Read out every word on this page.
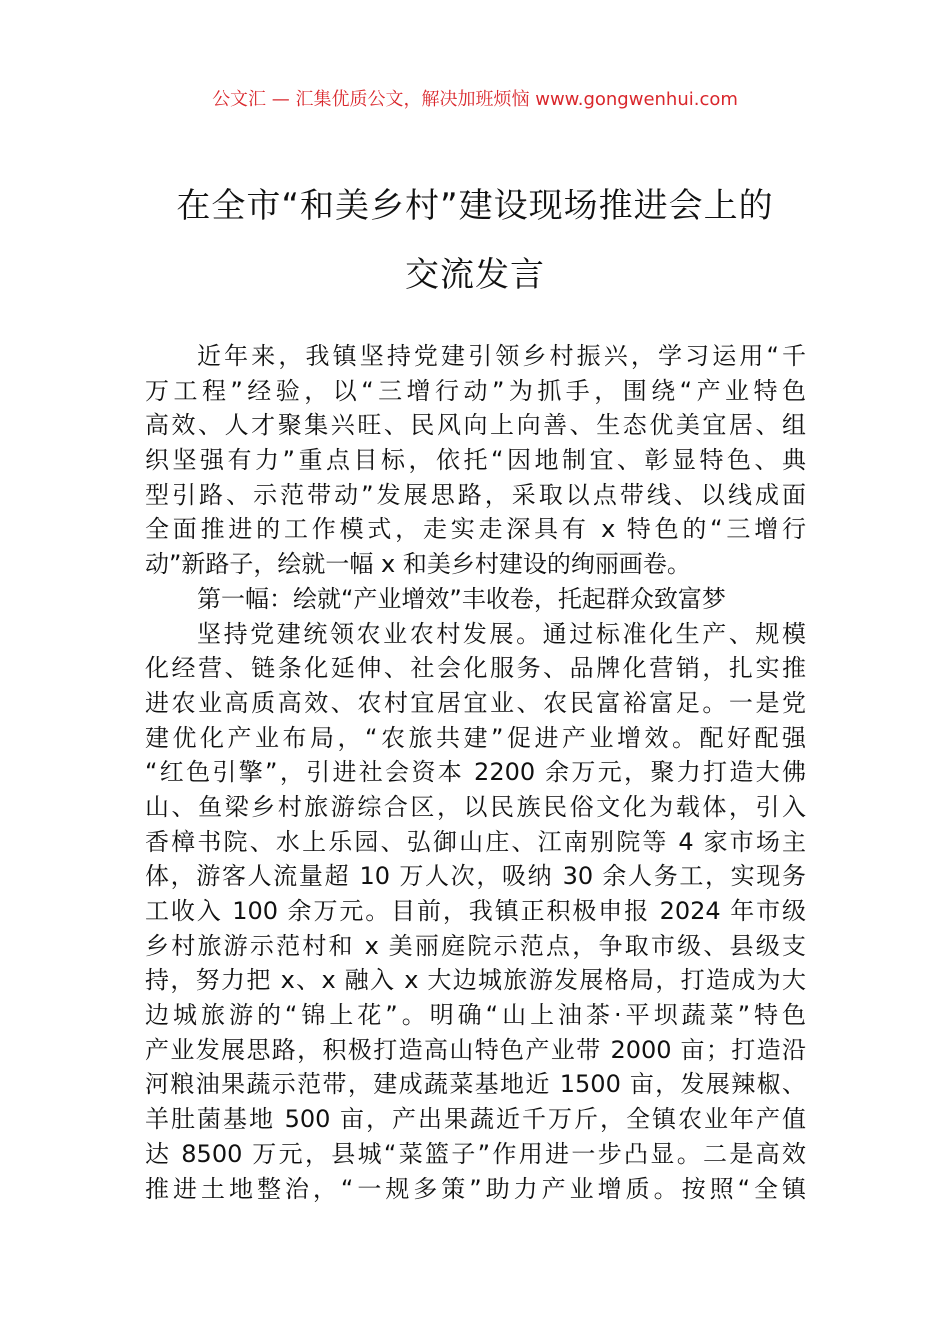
公文汇 — 汇集优质公文，解决加班烦恼 www.gongwenhui.com
在全市“和美乡村”建设现场推进会上的
交流发言
近年来，我镇坚持党建引领乡村振兴，学习运用“千
万工程”经验，以“三增行动”为抓手，围绕“产业特色
高效、人才聚集兴旺、民风向上向善、生态优美宜居、组
织坚强有力”重点目标，依托“因地制宜、彰显特色、典
型引路、示范带动”发展思路，采取以点带线、以线成面
全面推进的工作模式，走实走深具有 x 特色的“三增行
动”新路子，绘就一幅 x 和美乡村建设的绚丽画卷。
第一幅：绘就“产业增效”丰收卷，托起群众致富梦
坚持党建统领农业农村发展。通过标准化生产、规模
化经营、链条化延伸、社会化服务、品牌化营销，扎实推
进农业高质高效、农村宜居宜业、农民富裕富足。一是党
建优化产业布局，“农旅共建”促进产业增效。配好配强
“红色引擎”，引进社会资本 2200 余万元，聚力打造大佛
山、鱼梁乡村旅游综合区，以民族民俗文化为载体，引入
香樟书院、水上乐园、弘御山庄、江南别院等 4 家市场主
体，游客人流量超 10 万人次，吸纳 30 余人务工，实现务
工收入 100 余万元。目前，我镇正积极申报 2024 年市级
乡村旅游示范村和 x 美丽庭院示范点，争取市级、县级支
持，努力把 x、x 融入 x 大边城旅游发展格局，打造成为大
边城旅游的“锦上花”。明确“山上油茶·平坝蔬菜”特色
产业发展思路，积极打造高山特色产业带 2000 亩；打造沿
河粮油果蔬示范带，建成蔬菜基地近 1500 亩，发展辣椒、
羊肚菌基地 500 亩，产出果蔬近千万斤，全镇农业年产值
达 8500 万元，县城“菜篮子”作用进一步凸显。二是高效
推进土地整治，“一规多策”助力产业增质。按照“全镇
